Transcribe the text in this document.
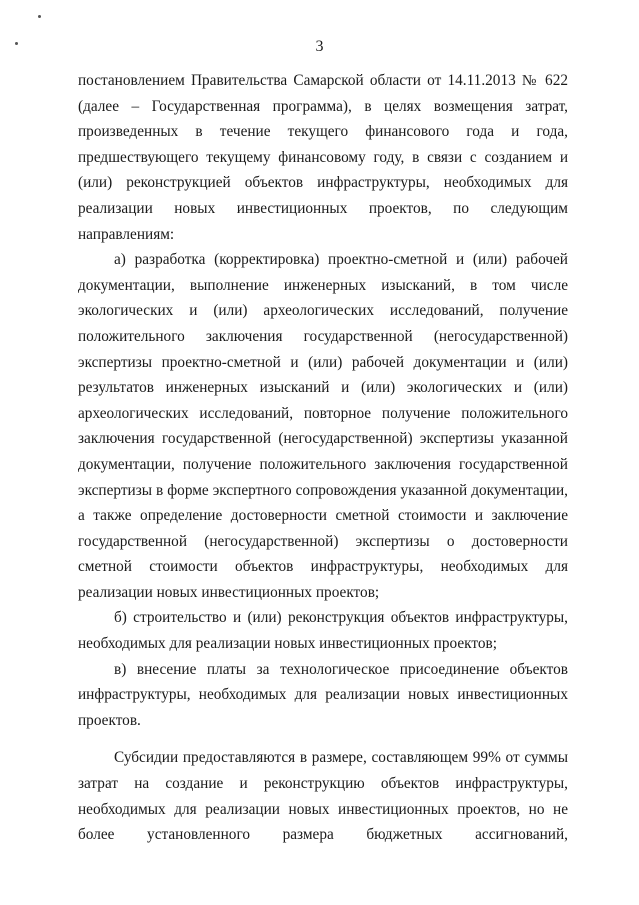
3
постановлением Правительства Самарской области от 14.11.2013 № 622
(далее – Государственная программа), в целях возмещения затрат,
произведенных в течение текущего финансового года и года,
предшествующего текущему финансовому году, в связи с созданием и
(или) реконструкцией объектов инфраструктуры, необходимых для
реализации новых инвестиционных проектов, по следующим
направлениям:
а) разработка (корректировка) проектно-сметной и (или) рабочей
документации, выполнение инженерных изысканий, в том числе
экологических и (или) археологических исследований, получение
положительного заключения государственной (негосударственной)
экспертизы проектно-сметной и (или) рабочей документации и (или)
результатов инженерных изысканий и (или) экологических и (или)
археологических исследований, повторное получение положительного
заключения государственной (негосударственной) экспертизы указанной
документации, получение положительного заключения государственной
экспертизы в форме экспертного сопровождения указанной документации,
а также определение достоверности сметной стоимости и заключение
государственной (негосударственной) экспертизы о достоверности
сметной стоимости объектов инфраструктуры, необходимых для
реализации новых инвестиционных проектов;
б) строительство и (или) реконструкция объектов инфраструктуры,
необходимых для реализации новых инвестиционных проектов;
в) внесение платы за технологическое присоединение объектов
инфраструктуры, необходимых для реализации новых инвестиционных
проектов.
Субсидии предоставляются в размере, составляющем 99% от суммы
затрат на создание и реконструкцию объектов инфраструктуры,
необходимых для реализации новых инвестиционных проектов, но не
более установленного размера бюджетных ассигнований,
